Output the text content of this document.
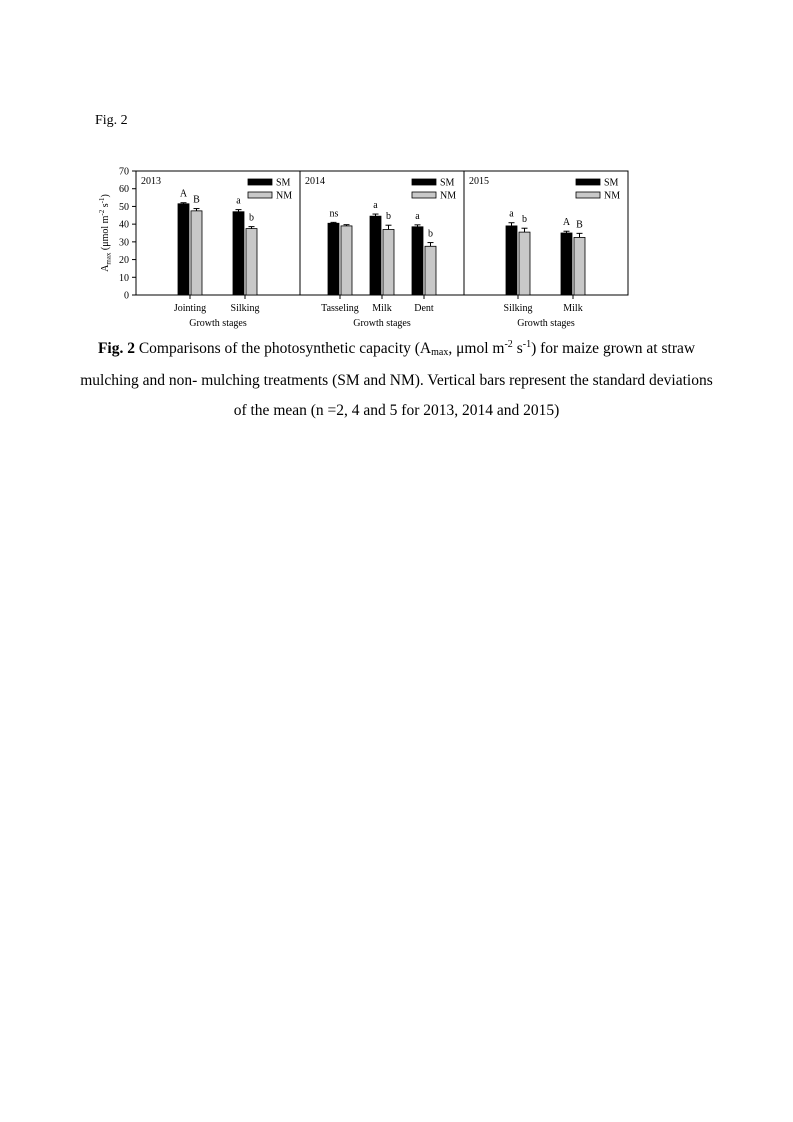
Fig. 2
0
10
20
30
40
50
60
70
$A_{max}$ (μmol $m^{-2}$ $s^{-1}$)
2013	SM
NM
Jointing
A
B
Silking
a
b
Growth stages
2014	SM
NM
Tasseling
ns
Milk
a
b
Dent
a
b
Growth stages
2015	SM
NM
Silking
a b
Milk
A B
Growth stages
Fig. 2 Comparisons of the photosynthetic capacity (Amax, μmol $m^{-2}$ $s^{-1}$) for maize grown at straw mulching and non- mulching treatments (SM and NM). Vertical bars represent the standard deviations of the mean (n =2, 4 and 5 for 2013, 2014 and 2015)
